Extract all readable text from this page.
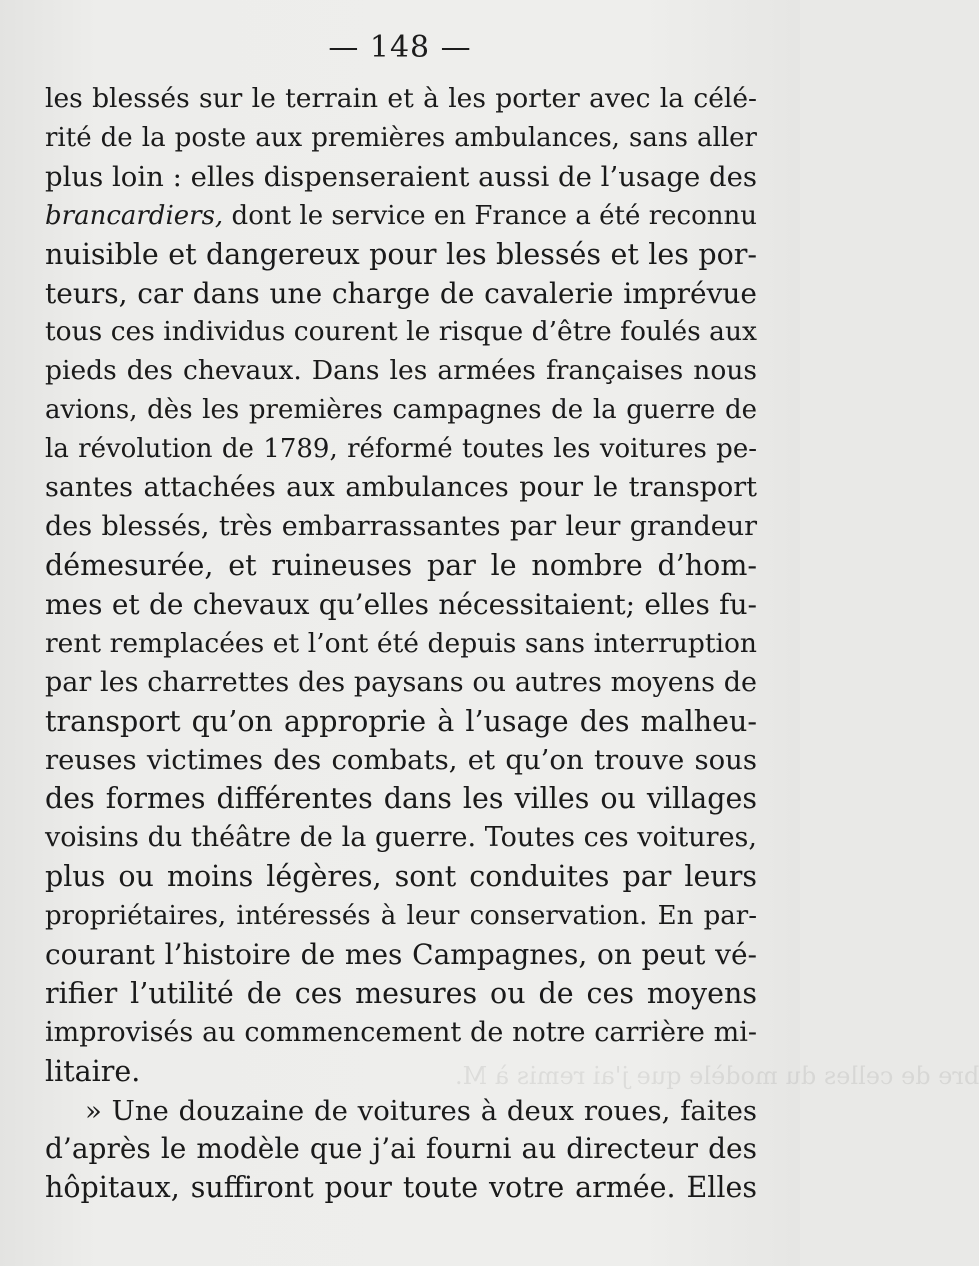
bre de celles du modèle que j'ai remis à M.
— 148 —
les blessés sur le terrain et à les porter avec la célé-
rité de la poste aux premières ambulances, sans aller
plus loin : elles dispenseraient aussi de l’usage des
brancardiers, dont le service en France a été reconnu
nuisible et dangereux pour les blessés et les por-
teurs, car dans une charge de cavalerie imprévue
tous ces individus courent le risque d’être foulés aux
pieds des chevaux. Dans les armées françaises nous
avions, dès les premières campagnes de la guerre de
la révolution de 1789, réformé toutes les voitures pe-
santes attachées aux ambulances pour le transport
des blessés, très embarrassantes par leur grandeur
démesurée, et ruineuses par le nombre d’hom-
mes et de chevaux qu’elles nécessitaient; elles fu-
rent remplacées et l’ont été depuis sans interruption
par les charrettes des paysans ou autres moyens de
transport qu’on approprie à l’usage des malheu-
reuses victimes des combats, et qu’on trouve sous
des formes différentes dans les villes ou villages
voisins du théâtre de la guerre. Toutes ces voitures,
plus ou moins légères, sont conduites par leurs
propriétaires, intéressés à leur conservation. En par-
courant l’histoire de mes Campagnes, on peut vé-
rifier l’utilité de ces mesures ou de ces moyens
improvisés au commencement de notre carrière mi-
litaire.
» Une douzaine de voitures à deux roues, faites
d’après le modèle que j’ai fourni au directeur des
hôpitaux, suffiront pour toute votre armée. Elles
